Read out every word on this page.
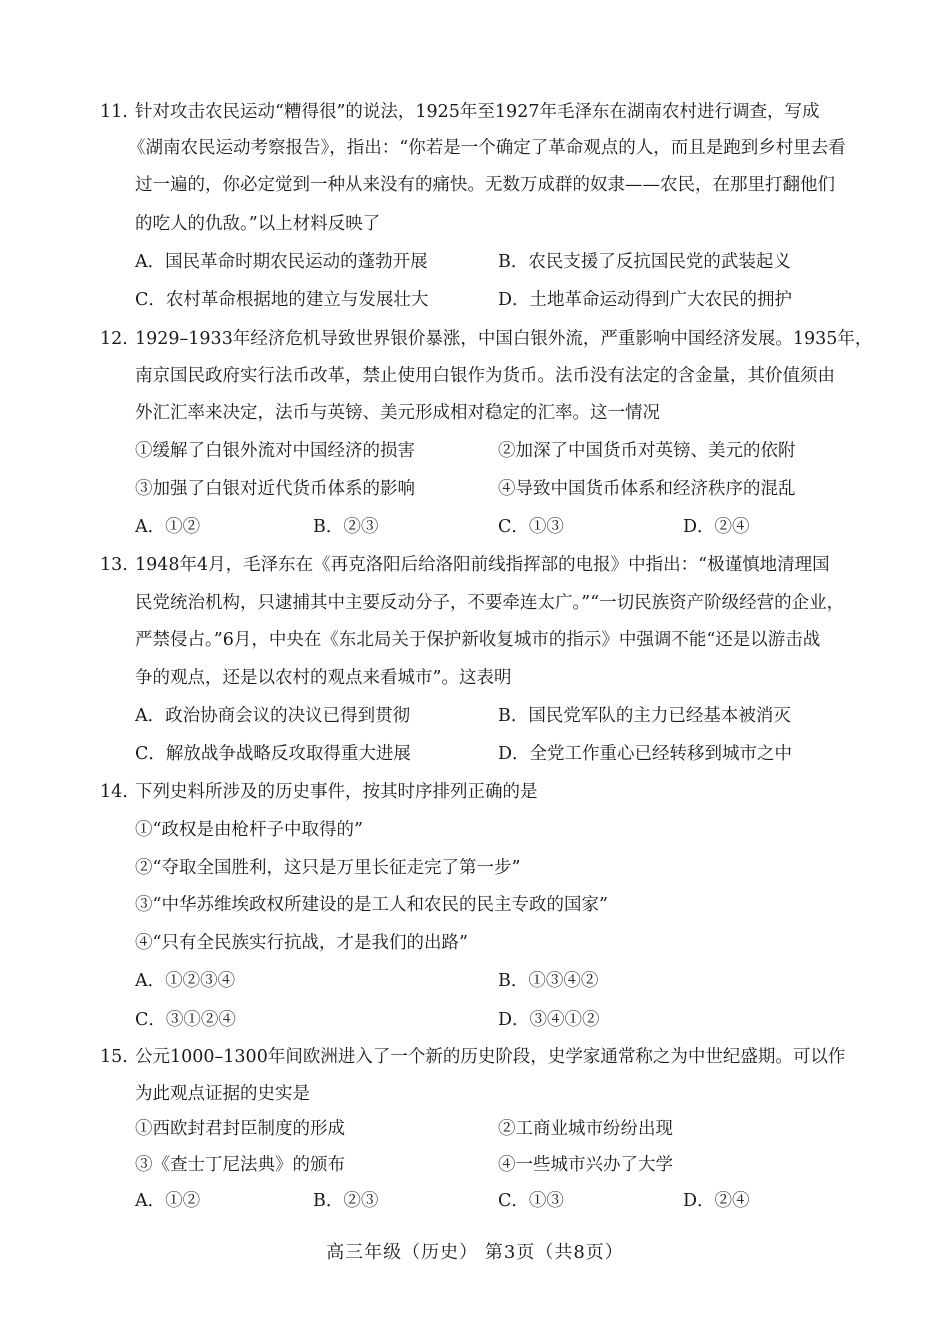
11. 针对攻击农民运动“糟得很”的说法，1925年至1927年毛泽东在湖南农村进行调查，写成
《湖南农民运动考察报告》，指出：“你若是一个确定了革命观点的人，而且是跑到乡村里去看
过一遍的，你必定觉到一种从来没有的痛快。无数万成群的奴隶——农民，在那里打翻他们
的吃人的仇敌。”以上材料反映了
A．国民革命时期农民运动的蓬勃开展	B．农民支援了反抗国民党的武装起义
C．农村革命根据地的建立与发展壮大	D．土地革命运动得到广大农民的拥护
12. 1929–1933年经济危机导致世界银价暴涨，中国白银外流，严重影响中国经济发展。1935年，
南京国民政府实行法币改革，禁止使用白银作为货币。法币没有法定的含金量，其价值须由
外汇汇率来决定，法币与英镑、美元形成相对稳定的汇率。这一情况
①缓解了白银外流对中国经济的损害	②加深了中国货币对英镑、美元的依附
③加强了白银对近代货币体系的影响	④导致中国货币体系和经济秩序的混乱
A．①②	B．②③	C．①③	D．②④
13. 1948年4月，毛泽东在《再克洛阳后给洛阳前线指挥部的电报》中指出：“极谨慎地清理国
民党统治机构，只逮捕其中主要反动分子，不要牵连太广。”“一切民族资产阶级经营的企业，
严禁侵占。”6月，中央在《东北局关于保护新收复城市的指示》中强调不能“还是以游击战
争的观点，还是以农村的观点来看城市”。这表明
A．政治协商会议的决议已得到贯彻	B．国民党军队的主力已经基本被消灭
C．解放战争战略反攻取得重大进展	D．全党工作重心已经转移到城市之中
14. 下列史料所涉及的历史事件，按其时序排列正确的是
①“政权是由枪杆子中取得的”
②“夺取全国胜利，这只是万里长征走完了第一步”
③“中华苏维埃政权所建设的是工人和农民的民主专政的国家”
④“只有全民族实行抗战，才是我们的出路”
A．①②③④	B．①③④②
C．③①②④	D．③④①②
15. 公元1000–1300年间欧洲进入了一个新的历史阶段，史学家通常称之为中世纪盛期。可以作
为此观点证据的史实是
①西欧封君封臣制度的形成	②工商业城市纷纷出现
③《查士丁尼法典》的颁布	④一些城市兴办了大学
A．①②	B．②③	C．①③	D．②④
高三年级（历史） 第3页（共8页）
